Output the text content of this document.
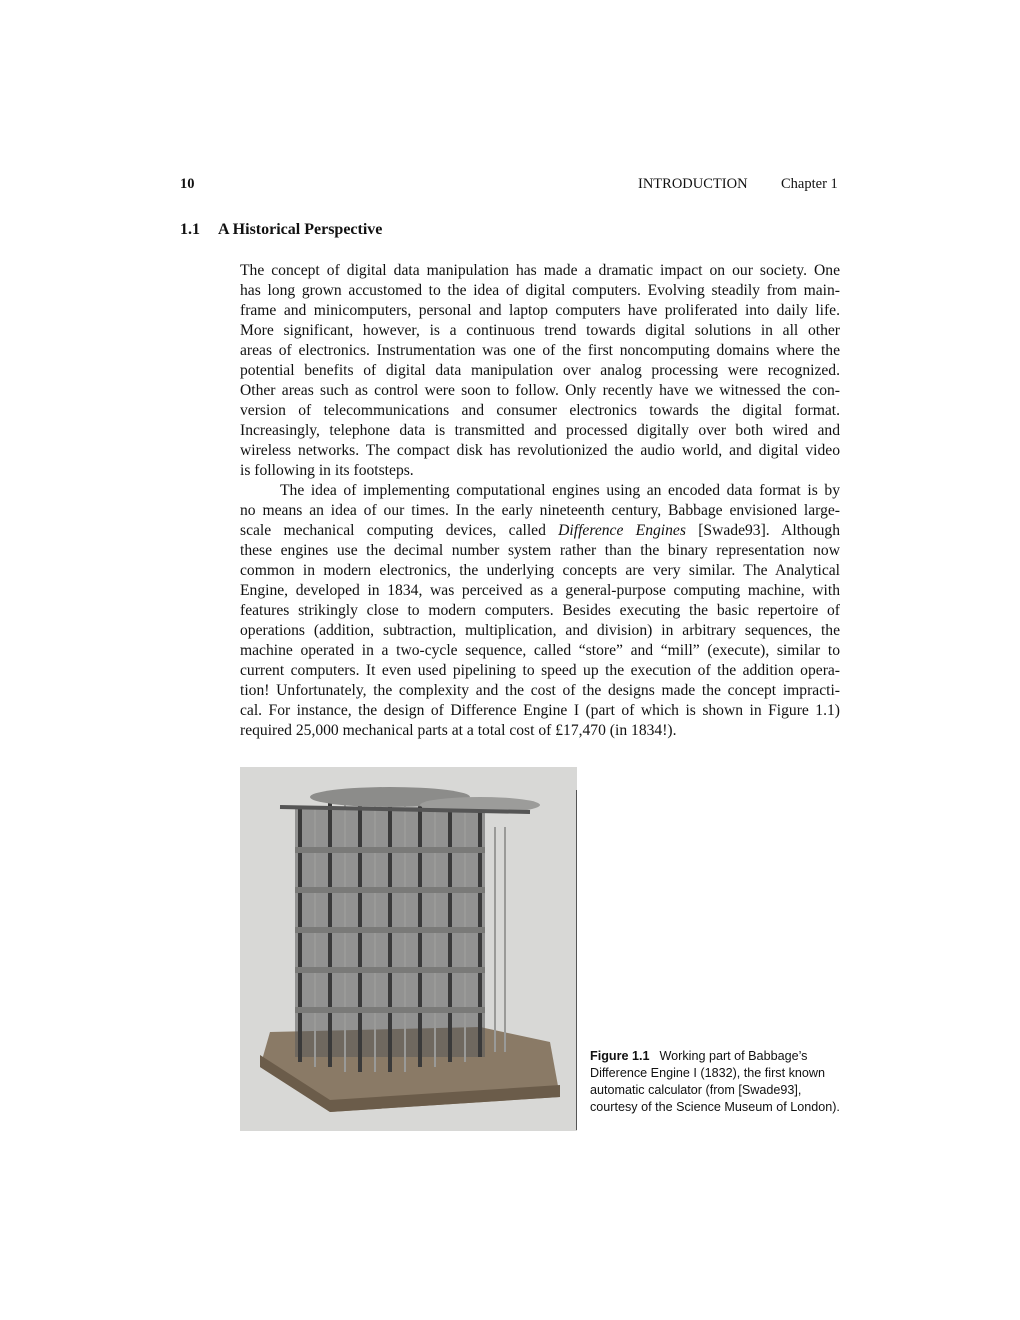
10	INTRODUCTION Chapter 1
1.1 A Historical Perspective
The concept of digital data manipulation has made a dramatic impact on our society. One
has long grown accustomed to the idea of digital computers. Evolving steadily from main-
frame and minicomputers, personal and laptop computers have proliferated into daily life.
More significant, however, is a continuous trend towards digital solutions in all other
areas of electronics. Instrumentation was one of the first noncomputing domains where the
potential benefits of digital data manipulation over analog processing were recognized.
Other areas such as control were soon to follow. Only recently have we witnessed the con-
version of telecommunications and consumer electronics towards the digital format.
Increasingly, telephone data is transmitted and processed digitally over both wired and
wireless networks. The compact disk has revolutionized the audio world, and digital video
is following in its footsteps.
The idea of implementing computational engines using an encoded data format is by
no means an idea of our times. In the early nineteenth century, Babbage envisioned large-
scale mechanical computing devices, called Difference Engines [Swade93]. Although
these engines use the decimal number system rather than the binary representation now
common in modern electronics, the underlying concepts are very similar. The Analytical
Engine, developed in 1834, was perceived as a general-purpose computing machine, with
features strikingly close to modern computers. Besides executing the basic repertoire of
operations (addition, subtraction, multiplication, and division) in arbitrary sequences, the
machine operated in a two-cycle sequence, called “store” and “mill” (execute), similar to
current computers. It even used pipelining to speed up the execution of the addition opera-
tion! Unfortunately, the complexity and the cost of the designs made the concept impracti-
cal. For instance, the design of Difference Engine I (part of which is shown in Figure 1.1)
required 25,000 mechanical parts at a total cost of £17,470 (in 1834!).
Figure 1.1 Working part of Babbage’s Difference Engine I (1832), the first known automatic calculator (from [Swade93], courtesy of the Science Museum of London).
